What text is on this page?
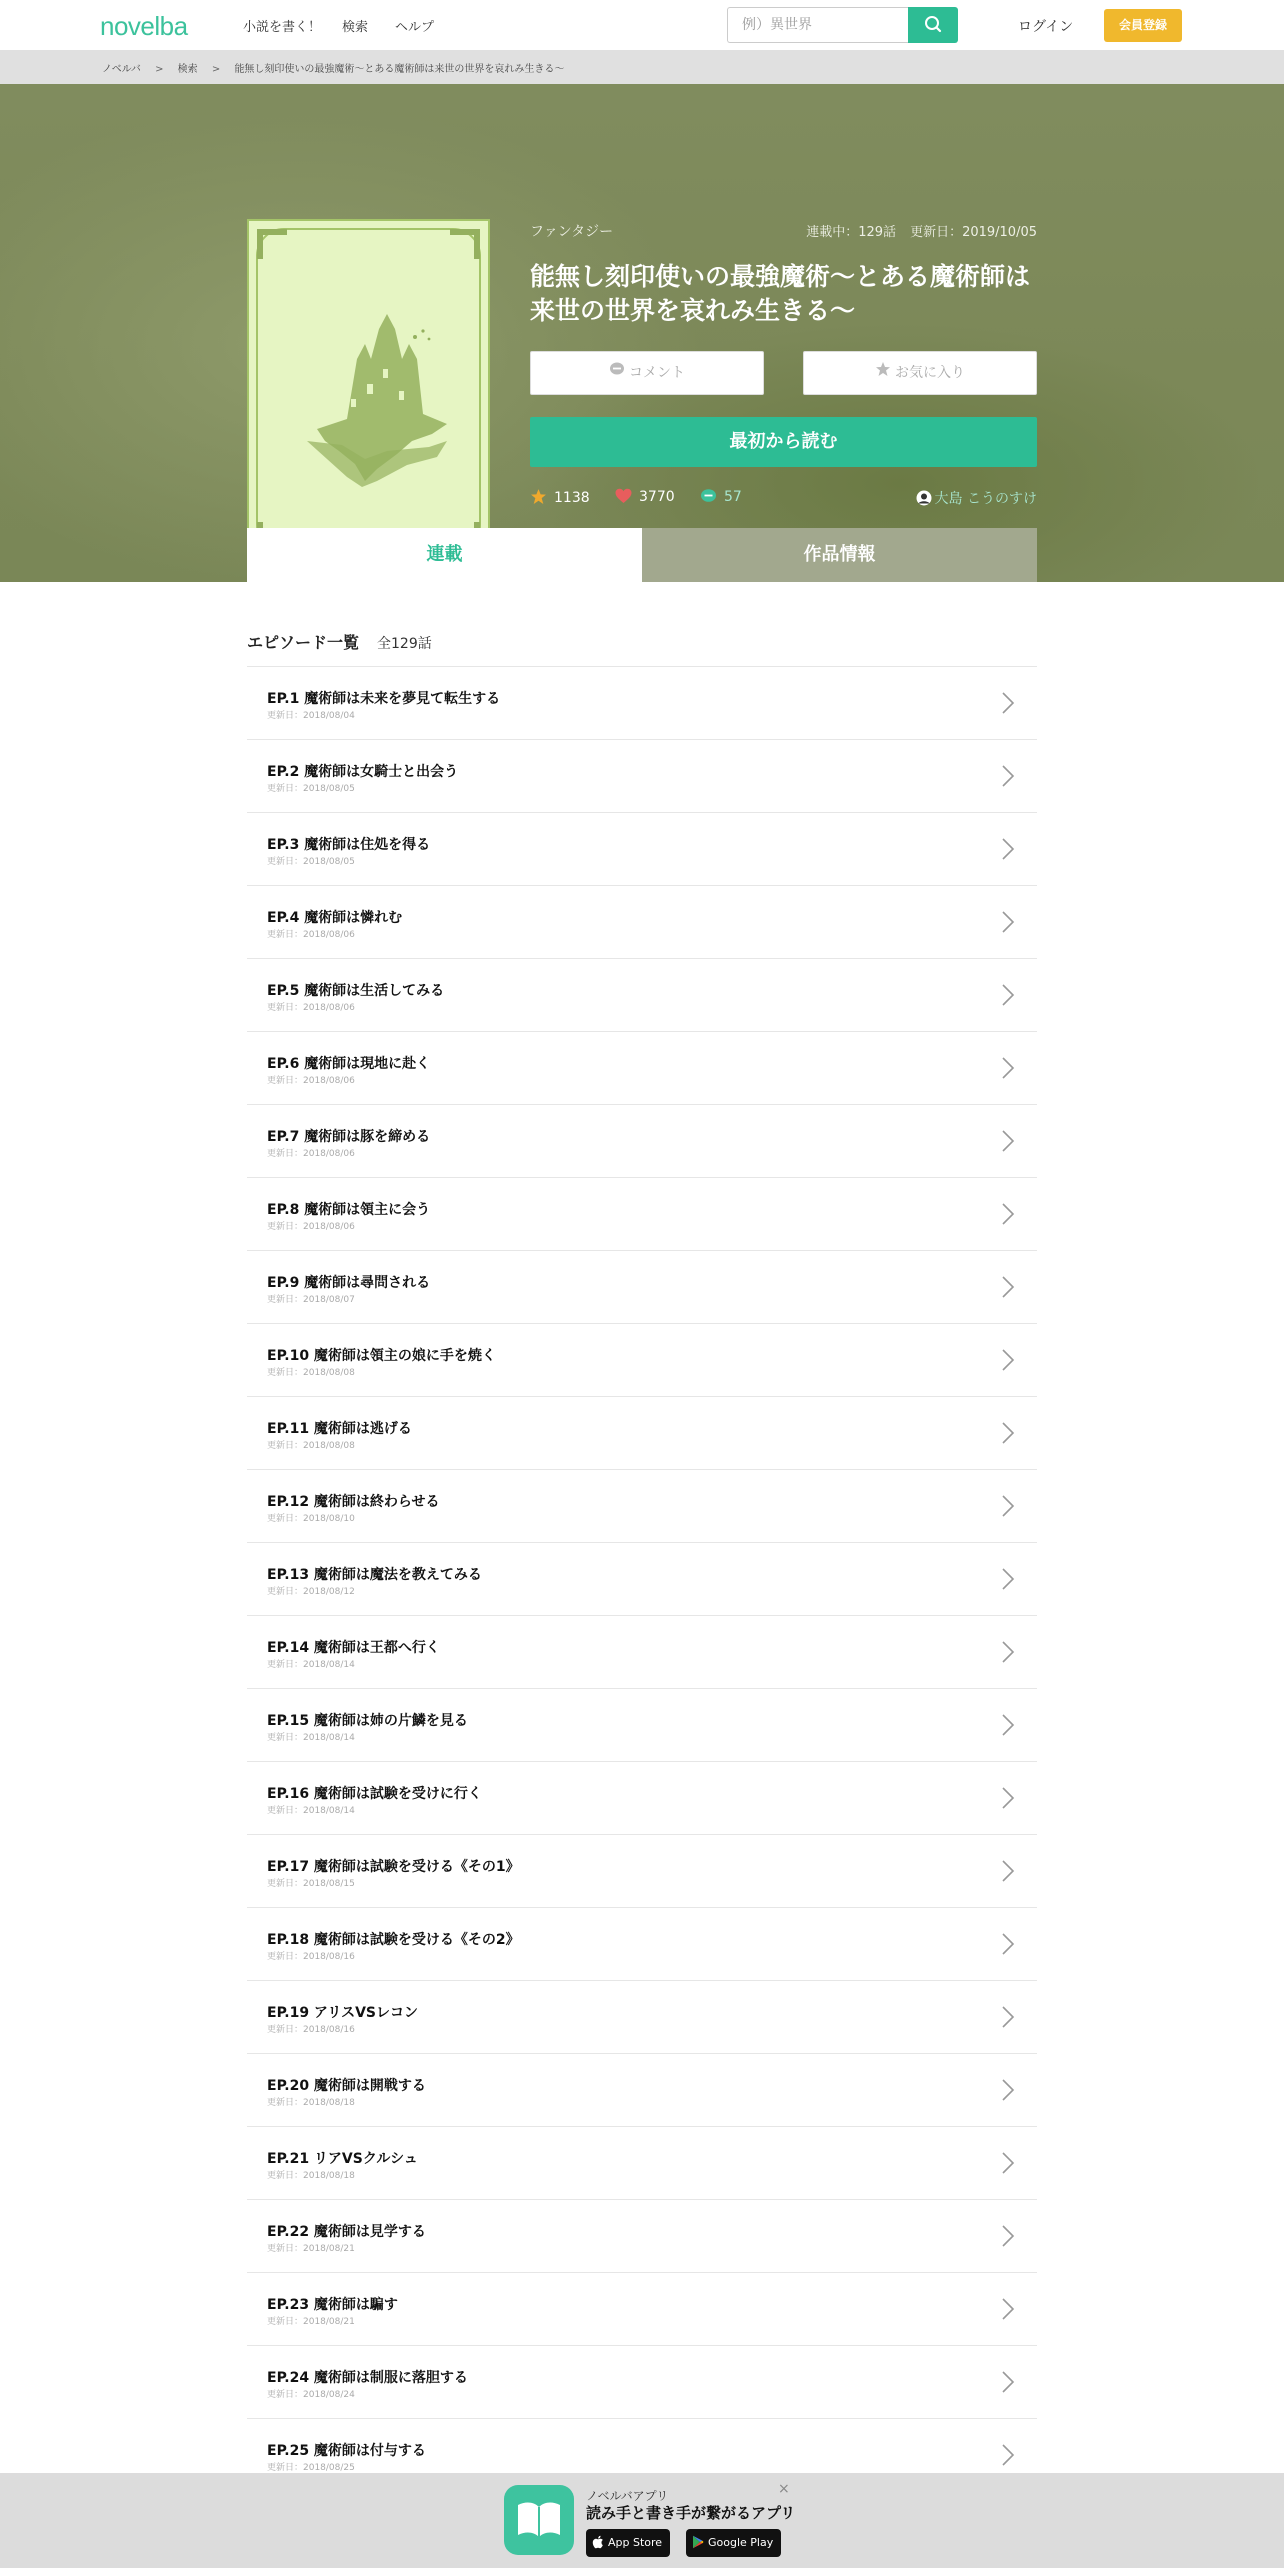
novelba	小説を書く！ 検索 ヘルプ	例）異世界	ログイン	会員登録
ノベルバ > 検索 > 能無し刻印使いの最強魔術〜とある魔術師は来世の世界を哀れみ生きる〜
ファンタジー	連載中：129話 更新日：2019/10/05
能無し刻印使いの最強魔術〜とある魔術師は来世の世界を哀れみ生きる〜
コメント	お気に入り
最初から読む
1138	3770	57	大島 こうのすけ
連載	作品情報
エピソード一覧 全129話
EP.1 魔術師は未来を夢見て転生する
更新日：2018/08/04
EP.2 魔術師は女騎士と出会う
更新日：2018/08/05
EP.3 魔術師は住処を得る
更新日：2018/08/05
EP.4 魔術師は憐れむ
更新日：2018/08/06
EP.5 魔術師は生活してみる
更新日：2018/08/06
EP.6 魔術師は現地に赴く
更新日：2018/08/06
EP.7 魔術師は豚を締める
更新日：2018/08/06
EP.8 魔術師は領主に会う
更新日：2018/08/06
EP.9 魔術師は尋問される
更新日：2018/08/07
EP.10 魔術師は領主の娘に手を焼く
更新日：2018/08/08
EP.11 魔術師は逃げる
更新日：2018/08/08
EP.12 魔術師は終わらせる
更新日：2018/08/10
EP.13 魔術師は魔法を教えてみる
更新日：2018/08/12
EP.14 魔術師は王都へ行く
更新日：2018/08/14
EP.15 魔術師は姉の片鱗を見る
更新日：2018/08/14
EP.16 魔術師は試験を受けに行く
更新日：2018/08/14
EP.17 魔術師は試験を受ける《その1》
更新日：2018/08/15
EP.18 魔術師は試験を受ける《その2》
更新日：2018/08/16
EP.19 アリスVSレコン
更新日：2018/08/16
EP.20 魔術師は開戦する
更新日：2018/08/18
EP.21 リアVSクルシュ
更新日：2018/08/18
EP.22 魔術師は見学する
更新日：2018/08/21
EP.23 魔術師は騙す
更新日：2018/08/21
EP.24 魔術師は制服に落胆する
更新日：2018/08/24
EP.25 魔術師は付与する
更新日：2018/08/25
ノベルバアプリ
読み手と書き手が繋がるアプリ
App Store	Google Play
×
